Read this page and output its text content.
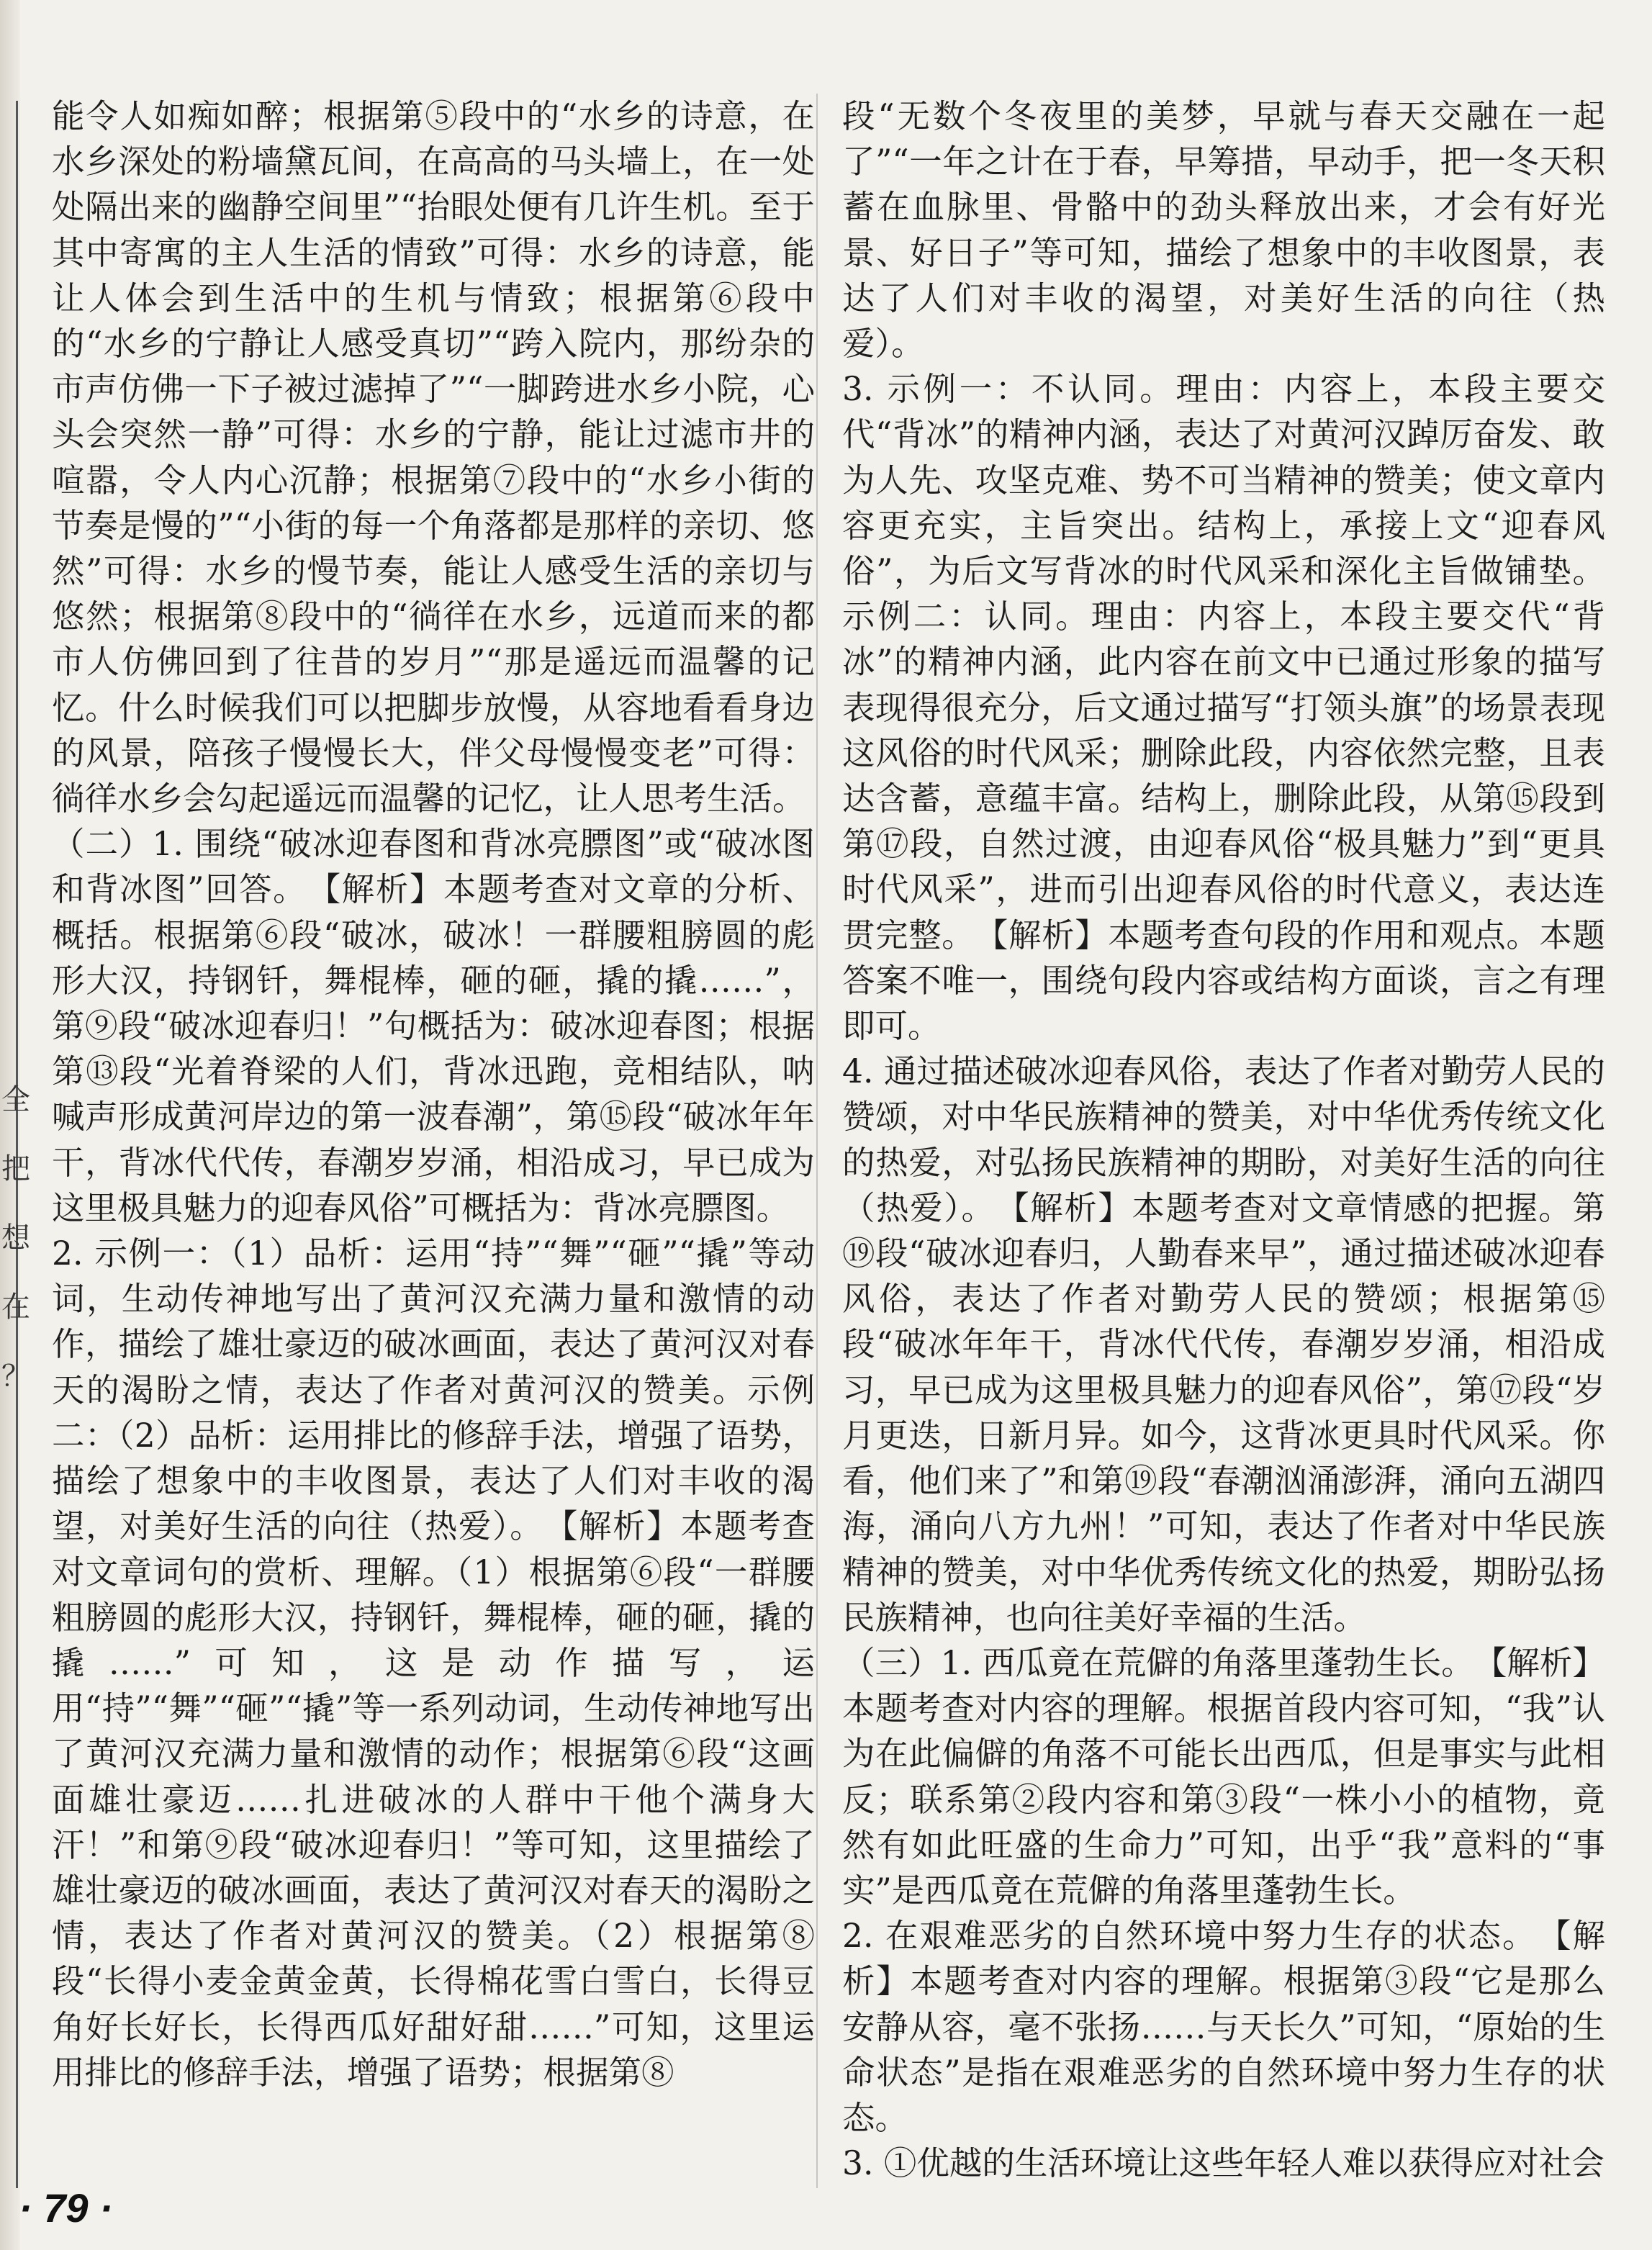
全
把
想
在
？

能令人如痴如醉；根据第⑤段中的“水乡的诗意，在水乡深处的粉墙黛瓦间，在高高的马头墙上，在一处处隔出来的幽静空间里”“抬眼处便有几许生机。至于其中寄寓的主人生活的情致”可得：水乡的诗意，能让人体会到生活中的生机与情致；根据第⑥段中的“水乡的宁静让人感受真切”“跨入院内，那纷杂的市声仿佛一下子被过滤掉了”“一脚跨进水乡小院，心头会突然一静”可得：水乡的宁静，能让过滤市井的喧嚣，令人内心沉静；根据第⑦段中的“水乡小街的节奏是慢的”“小街的每一个角落都是那样的亲切、悠然”可得：水乡的慢节奏，能让人感受生活的亲切与悠然；根据第⑧段中的“徜徉在水乡，远道而来的都市人仿佛回到了往昔的岁月”“那是遥远而温馨的记忆。什么时候我们可以把脚步放慢，从容地看看身边的风景，陪孩子慢慢长大，伴父母慢慢变老”可得：徜徉水乡会勾起遥远而温馨的记忆，让人思考生活。

（二）1. 围绕“破冰迎春图和背冰亮膘图”或“破冰图和背冰图”回答。　【解析】本题考查对文章的分析、概括。根据第⑥段“破冰，破冰！一群腰粗膀圆的彪形大汉，持钢钎，舞棍棒，砸的砸，撬的撬……”，第⑨段“破冰迎春归！”句概括为：破冰迎春图；根据第⑬段“光着脊梁的人们，背冰迅跑，竞相结队，呐喊声形成黄河岸边的第一波春潮”，第⑮段“破冰年年干，背冰代代传，春潮岁岁涌，相沿成习，早已成为这里极具魅力的迎春风俗”可概括为：背冰亮膘图。

2. 示例一：（1）品析：运用“持”“舞”“砸”“撬”等动词，生动传神地写出了黄河汉充满力量和激情的动作，描绘了雄壮豪迈的破冰画面，表达了黄河汉对春天的渴盼之情，表达了作者对黄河汉的赞美。示例二：（2）品析：运用排比的修辞手法，增强了语势，描绘了想象中的丰收图景，表达了人们对丰收的渴望，对美好生活的向往（热爱）。　【解析】本题考查对文章词句的赏析、理解。（1）根据第⑥段“一群腰粗膀圆的彪形大汉，持钢钎，舞棍棒，砸的砸，撬的撬……”可知，这是动作描写，运用“持”“舞”“砸”“撬”等一系列动词，生动传神地写出了黄河汉充满力量和激情的动作；根据第⑥段“这画面雄壮豪迈……扎进破冰的人群中干他个满身大汗！”和第⑨段“破冰迎春归！”等可知，这里描绘了雄壮豪迈的破冰画面，表达了黄河汉对春天的渴盼之情，表达了作者对黄河汉的赞美。（2）根据第⑧段“长得小麦金黄金黄，长得棉花雪白雪白，长得豆角好长好长，长得西瓜好甜好甜……”可知，这里运用排比的修辞手法，增强了语势；根据第⑧

段“无数个冬夜里的美梦，早就与春天交融在一起了”“一年之计在于春，早筹措，早动手，把一冬天积蓄在血脉里、骨骼中的劲头释放出来，才会有好光景、好日子”等可知，描绘了想象中的丰收图景，表达了人们对丰收的渴望，对美好生活的向往（热爱）。

3. 示例一：不认同。理由：内容上，本段主要交代“背冰”的精神内涵，表达了对黄河汉踔厉奋发、敢为人先、攻坚克难、势不可当精神的赞美；使文章内容更充实，主旨突出。结构上，承接上文“迎春风俗”，为后文写背冰的时代风采和深化主旨做铺垫。示例二：认同。理由：内容上，本段主要交代“背冰”的精神内涵，此内容在前文中已通过形象的描写表现得很充分，后文通过描写“打领头旗”的场景表现这风俗的时代风采；删除此段，内容依然完整，且表达含蓄，意蕴丰富。结构上，删除此段，从第⑮段到第⑰段，自然过渡，由迎春风俗“极具魅力”到“更具时代风采”，进而引出迎春风俗的时代意义，表达连贯完整。　【解析】本题考查句段的作用和观点。本题答案不唯一，围绕句段内容或结构方面谈，言之有理即可。

4. 通过描述破冰迎春风俗，表达了作者对勤劳人民的赞颂，对中华民族精神的赞美，对中华优秀传统文化的热爱，对弘扬民族精神的期盼，对美好生活的向往（热爱）。　【解析】本题考查对文章情感的把握。第⑲段“破冰迎春归，人勤春来早”，通过描述破冰迎春风俗，表达了作者对勤劳人民的赞颂；根据第⑮段“破冰年年干，背冰代代传，春潮岁岁涌，相沿成习，早已成为这里极具魅力的迎春风俗”，第⑰段“岁月更迭，日新月异。如今，这背冰更具时代风采。你看，他们来了”和第⑲段“春潮汹涌澎湃，涌向五湖四海，涌向八方九州！”可知，表达了作者对中华民族精神的赞美，对中华优秀传统文化的热爱，期盼弘扬民族精神，也向往美好幸福的生活。

（三）1. 西瓜竟在荒僻的角落里蓬勃生长。　【解析】本题考查对内容的理解。根据首段内容可知，“我”认为在此偏僻的角落不可能长出西瓜，但是事实与此相反；联系第②段内容和第③段“一株小小的植物，竟然有如此旺盛的生命力”可知，出乎“我”意料的“事实”是西瓜竟在荒僻的角落里蓬勃生长。

2. 在艰难恶劣的自然环境中努力生存的状态。　【解析】本题考查对内容的理解。根据第③段“它是那么安静从容，毫不张扬……与天长久”可知，“原始的生命状态”是指在艰难恶劣的自然环境中努力生存的状态。

3. ①优越的生活环境让这些年轻人难以获得应对社会

· 79 ·
